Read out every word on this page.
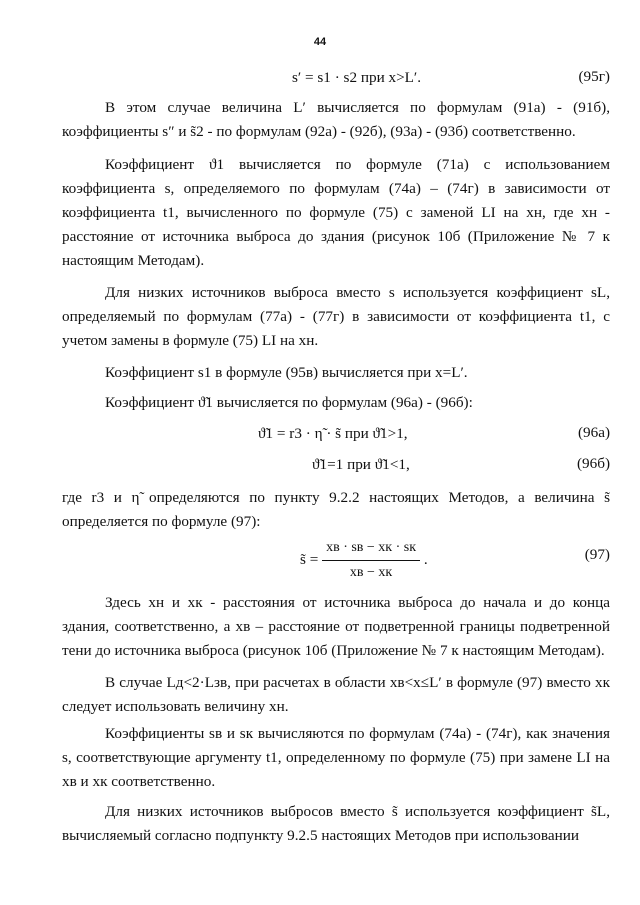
44
s′ = s1 · s2 при x>L′.	(95г)
В этом случае величина L′ вычисляется по формулам (91а) - (91б), коэффициенты s″ и s̃2 - по формулам (92а) - (92б), (93а) - (93б) соответственно.
Коэффициент ϑ1 вычисляется по формуле (71а) с использованием коэффициента s, определяемого по формулам (74а) – (74г) в зависимости от коэффициента t1, вычисленного по формуле (75) с заменой LI на xн, где xн - расстояние от источника выброса до здания (рисунок 10б (Приложение № 7 к настоящим Методам).
Для низких источников выброса вместо s используется коэффициент sL, определяемый по формулам (77а) - (77г) в зависимости от коэффициента t1, с учетом замены в формуле (75) LI на xн.
Коэффициент s1 в формуле (95в) вычисляется при x=L′.
Коэффициент ϑ̃1 вычисляется по формулам (96а) - (96б):
ϑ̃1 = r3 · η̃ · s̃ при ϑ̃1>1,	(96а)
ϑ̃1=1 при ϑ̃1<1,	(96б)
где r3 и η̃ определяются по пункту 9.2.2 настоящих Методов, а величина s̃ определяется по формуле (97):
s̃ = $\frac{xв \cdot sв - xк \cdot sк}{xв - xк}$ .	(97)
Здесь xн и xк - расстояния от источника выброса до начала и до конца здания, соответственно, а xв – расстояние от подветренной границы подветренной тени до источника выброса (рисунок 10б (Приложение № 7 к настоящим Методам).
В случае Lд<2·Lзв, при расчетах в области xв<x≤L′ в формуле (97) вместо xк следует использовать величину xн.
Коэффициенты sв и sк вычисляются по формулам (74а) - (74г), как значения s, соответствующие аргументу t1, определенному по формуле (75) при замене LI на xв и xк соответственно.
Для низких источников выбросов вместо s̃ используется коэффициент s̃L, вычисляемый согласно подпункту 9.2.5 настоящих Методов при использовании
